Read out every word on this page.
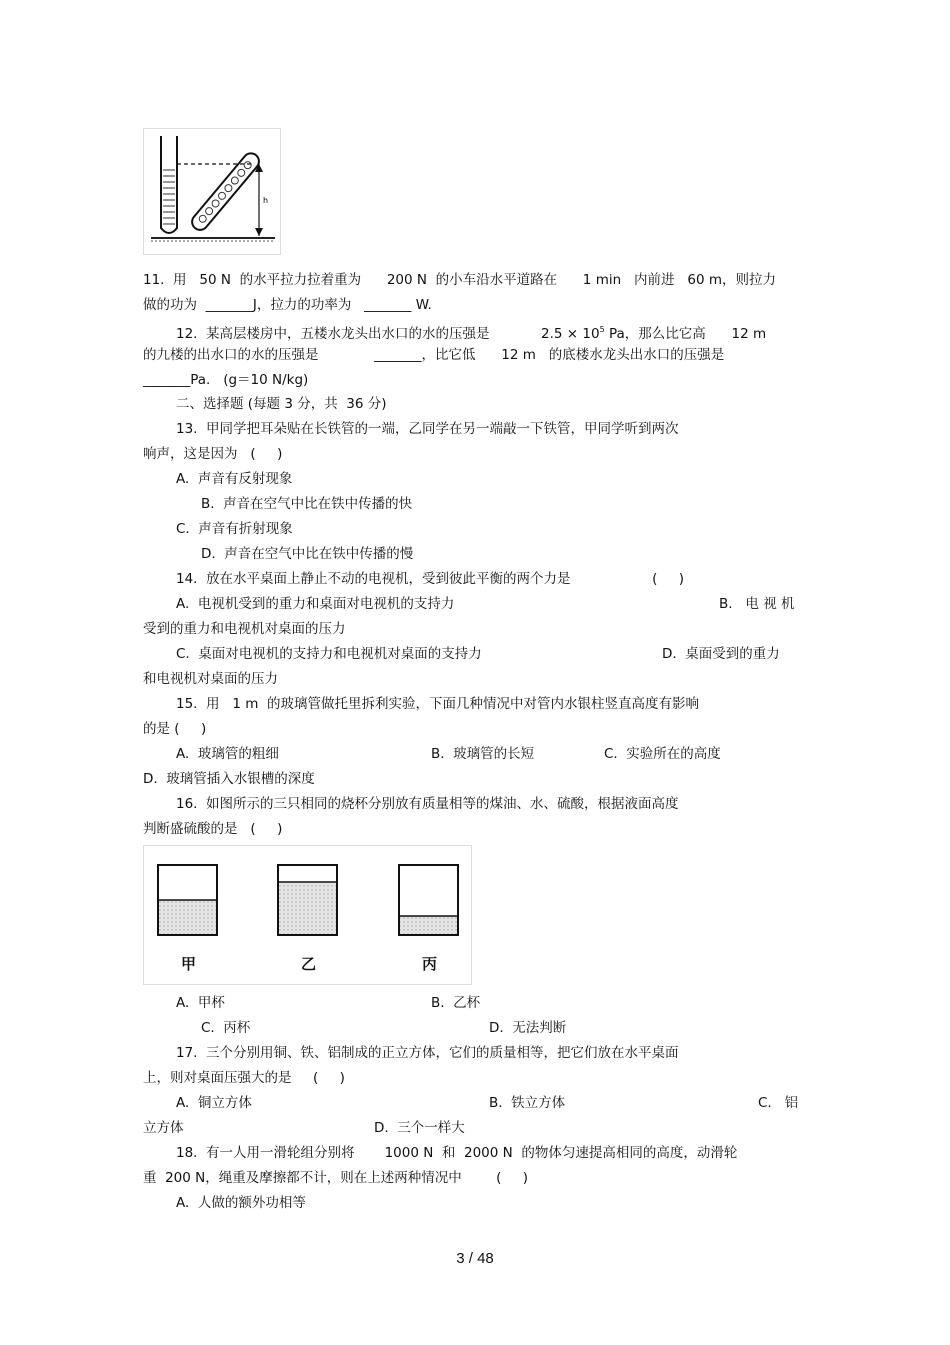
h
11.  用   50 N  的水平拉力拉着重为      200 N  的小车沿水平道路在      1 min   内前进   60 m，则拉力
做的功为  _______J，拉力的功率为   _______ W.
12.  某高层楼房中，五楼水龙头出水口的水的压强是            $2.5 \times 10^5$ Pa，那么比它高      12 m
的九楼的出水口的水的压强是             _______，比它低      12 m   的底楼水龙头出水口的压强是
_______Pa.   (g＝10 N/kg)
二、选择题 (每题 3 分，共  36 分)
13.  甲同学把耳朵贴在长铁管的一端，乙同学在另一端敲一下铁管，甲同学听到两次
响声，这是因为   (     )
A.  声音有反射现象
B.  声音在空气中比在铁中传播的快
C.  声音有折射现象
D.  声音在空气中比在铁中传播的慢
14.  放在水平桌面上静止不动的电视机，受到彼此平衡的两个力是                   (     )
A.  电视机受到的重力和桌面对电视机的支持力	B.   电 视 机
受到的重力和电视机对桌面的压力
C.  桌面对电视机的支持力和电视机对桌面的支持力	D.  桌面受到的重力
和电视机对桌面的压力
15.  用   1 m  的玻璃管做托里拆利实验，下面几种情况中对管内水银柱竖直高度有影响
的是 (     )
A.  玻璃管的粗细	B.  玻璃管的长短	C.  实验所在的高度
D.  玻璃管插入水银槽的深度
16.  如图所示的三只相同的烧杯分别放有质量相等的煤油、水、硫酸，根据液面高度
判断盛硫酸的是   (     )
甲	乙	丙
A.  甲杯	B.  乙杯
C.  丙杯	D.  无法判断
17.  三个分别用铜、铁、铝制成的正立方体，它们的质量相等，把它们放在水平桌面
上，则对桌面压强大的是     (     )
A.  铜立方体	B.  铁立方体	C.   铝
立方体	D.  三个一样大
18.  有一人用一滑轮组分别将       1000 N  和  2000 N  的物体匀速提高相同的高度，动滑轮
重  200 N，绳重及摩擦都不计，则在上述两种情况中        (     )
A.  人做的额外功相等
3 / 48
